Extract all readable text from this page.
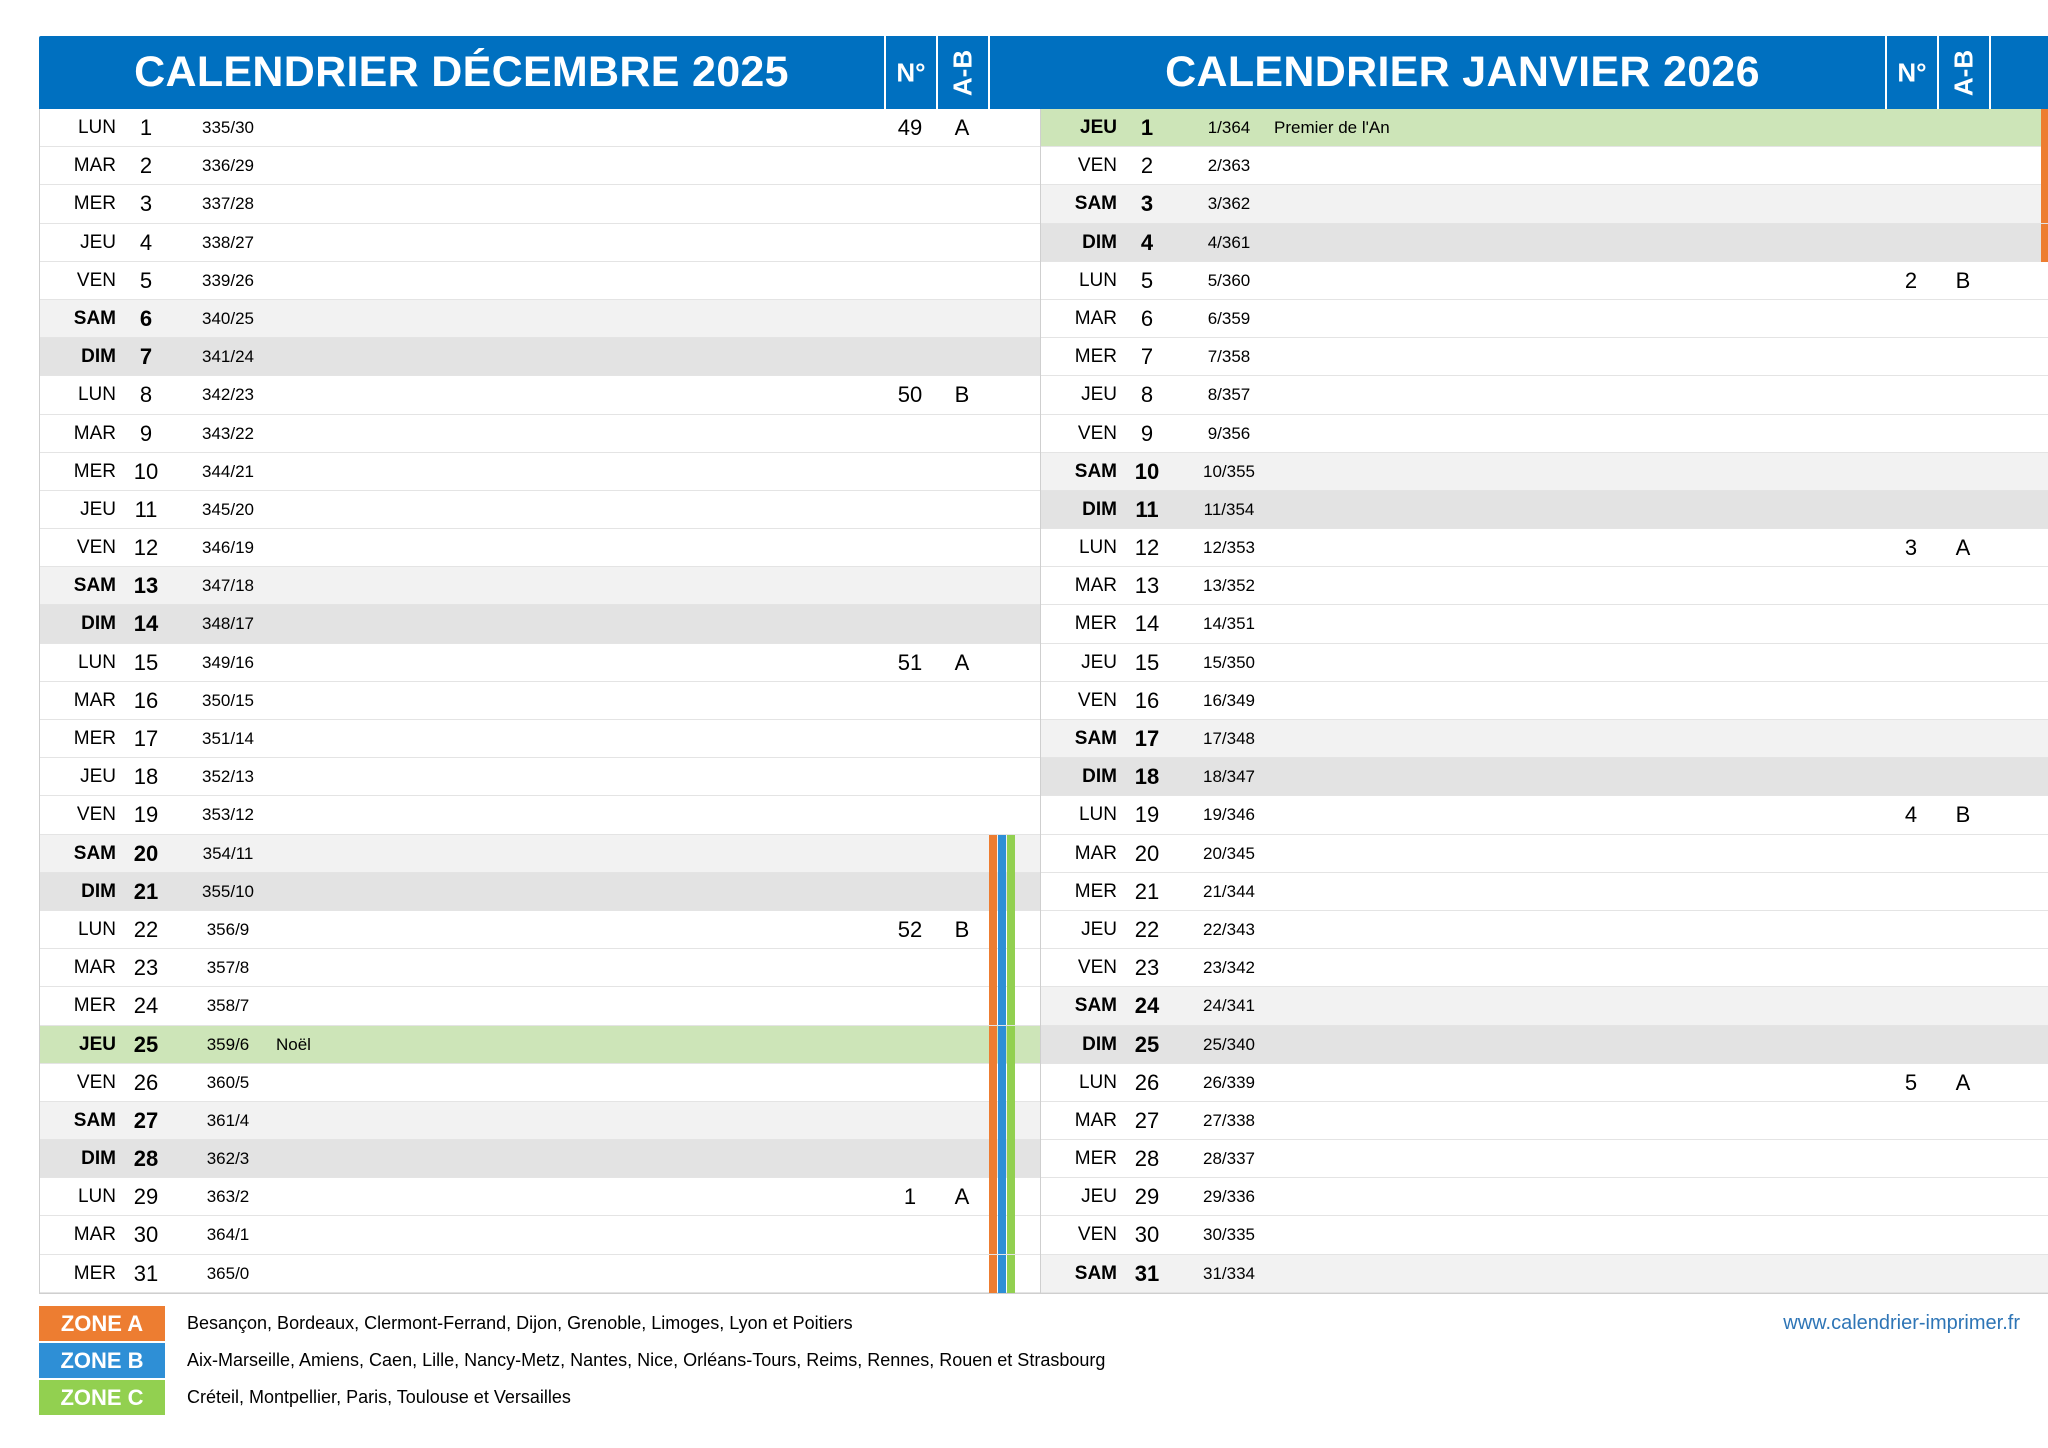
CALENDRIER DÉCEMBRE 2025	N° A-B
LUN	1	335/30	49	A
MAR	2	336/29
MER	3	337/28
JEU	4	338/27
VEN	5	339/26
SAM	6	340/25
DIM	7	341/24
LUN	8	342/23	50	B
MAR	9	343/22
MER 10	344/21
JEU 11	345/20
VEN 12	346/19
SAM 13	347/18
DIM 14	348/17
LUN 15	349/16	51	A
MAR 16	350/15
MER 17	351/14
JEU 18	352/13
VEN 19	353/12
SAM 20	354/11
DIM 21	355/10
LUN 22	356/9	52	B
MAR 23	357/8
MER 24	358/7
JEU 25	359/6	Noël
VEN 26	360/5
SAM 27	361/4
DIM 28	362/3
LUN 29	363/2	1	A
MAR 30	364/1
MER 31	365/0
CALENDRIER JANVIER 2026	N° A-B
JEU	1	1/364	Premier de l'An
VEN	2	2/363
SAM	3	3/362
DIM	4	4/361
LUN	5	5/360	2	B
MAR	6	6/359
MER	7	7/358
JEU	8	8/357
VEN	9	9/356
SAM 10	10/355
DIM 11	11/354
LUN 12	12/353	3	A
MAR 13	13/352
MER 14	14/351
JEU 15	15/350
VEN 16	16/349
SAM 17	17/348
DIM 18	18/347
LUN 19	19/346	4	B
MAR 20	20/345
MER 21	21/344
JEU 22	22/343
VEN 23	23/342
SAM 24	24/341
DIM 25	25/340
LUN 26	26/339	5	A
MAR 27	27/338
MER 28	28/337
JEU 29	29/336
VEN 30	30/335
SAM 31	31/334
ZONE A	Besançon, Bordeaux, Clermont-Ferrand, Dijon, Grenoble, Limoges, Lyon et Poitiers
ZONE B	Aix-Marseille, Amiens, Caen, Lille, Nancy-Metz, Nantes, Nice, Orléans-Tours, Reims, Rennes, Rouen et Strasbourg
ZONE C	Créteil, Montpellier, Paris, Toulouse et Versailles
www.calendrier-imprimer.fr
